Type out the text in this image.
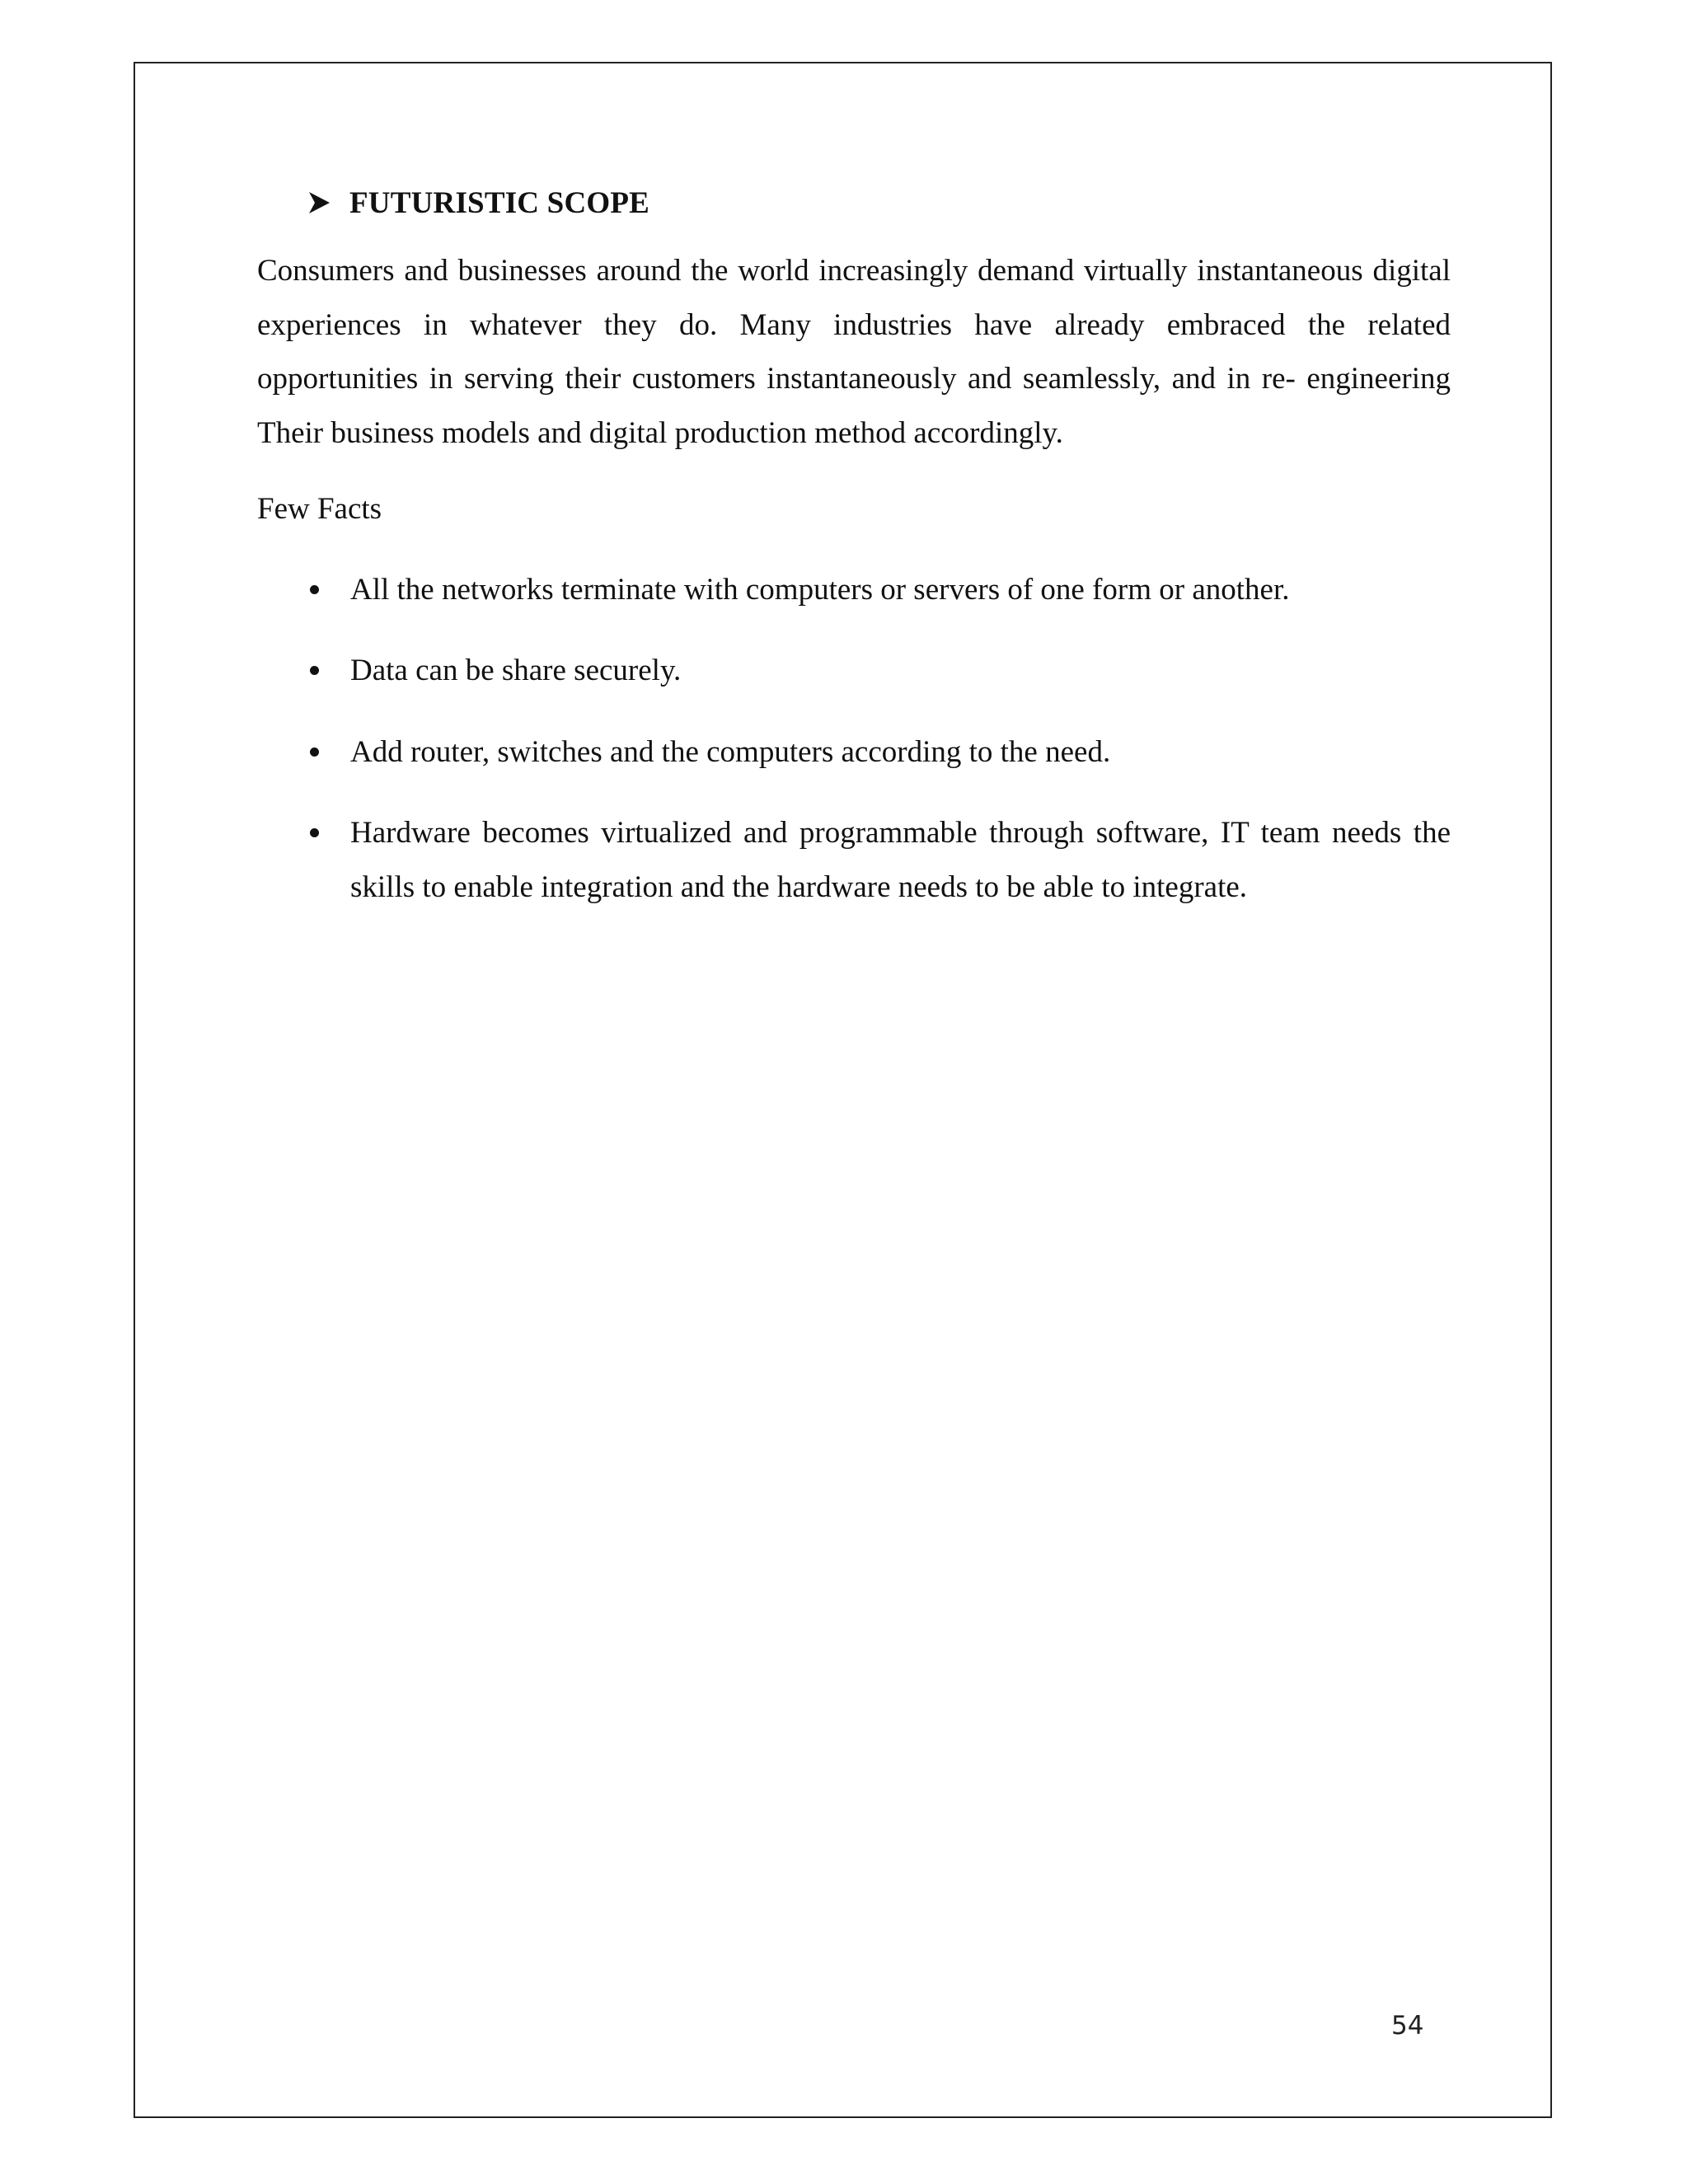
FUTURISTIC SCOPE

Consumers and businesses around the world increasingly demand virtually instantaneous digital experiences in whatever they do. Many industries have already embraced the related opportunities in serving their customers instantaneously and seamlessly, and in re- engineering Their business models and digital production method accordingly.

Few Facts

All the networks terminate with computers or servers of one form or another.
Data can be share securely.
Add router, switches and the computers according to the need.
Hardware becomes virtualized and programmable through software, IT team needs the skills to enable integration and the hardware needs to be able to integrate.
54
